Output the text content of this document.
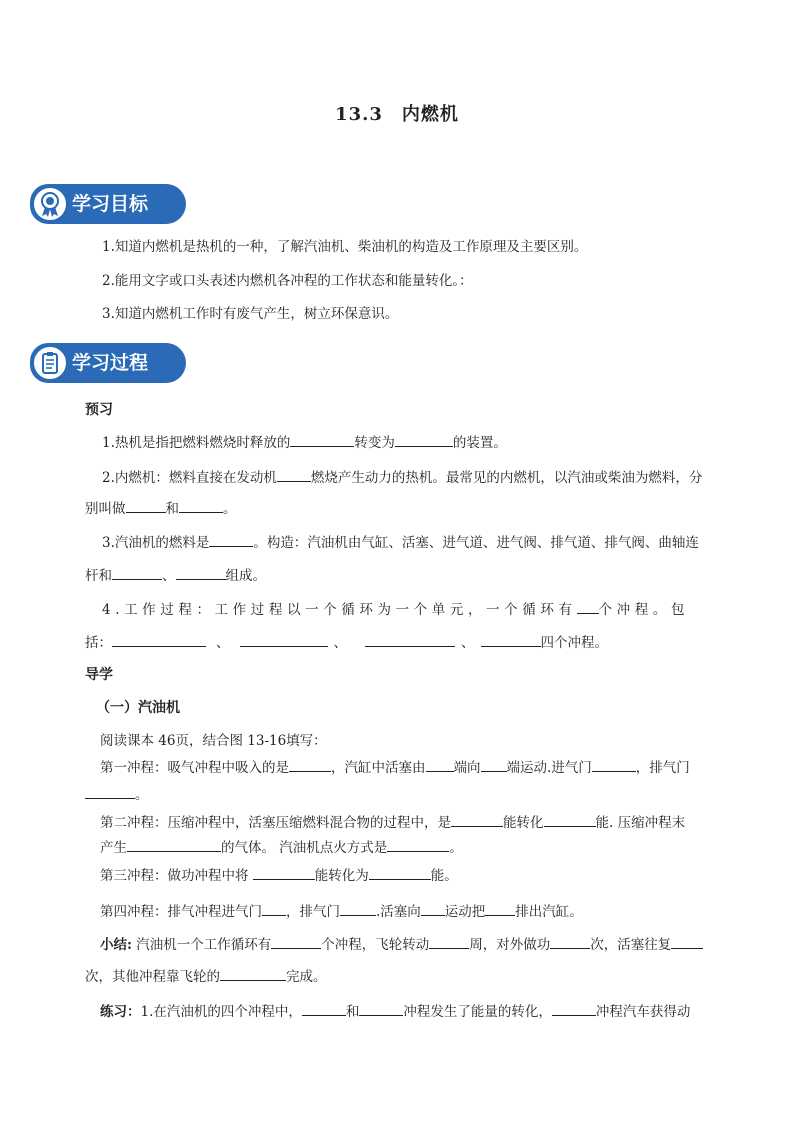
13.3　内燃机
学习目标
1.知道内燃机是热机的一种，了解汽油机、柴油机的构造及工作原理及主要区别。
2.能用文字或口头表述内燃机各冲程的工作状态和能量转化。：
3.知道内燃机工作时有废气产生，树立环保意识。
学习过程
预习
1.热机是指把燃料燃烧时释放的	转变为	的装置。
2.内燃机：燃料直接在发动机	燃烧产生动力的热机。最常见的内燃机，以汽油或柴油为燃料，分
别叫做	和	。
3.汽油机的燃料是	。构造：汽油机由气缸、活塞、进气道、进气阀、排气道、排气阀、曲轴连
杆和	、	组成。
4.工作过程：工作过程以一个循环为一个单元，一个循环有 个冲程。包
括：	、	、	、	四个冲程。
导学
（一）汽油机
阅读课本 46页，结合图 13-16填写：
第一冲程：吸气冲程中吸入的是	，汽缸中活塞由 端向 端运动.进气门	，排气门
。
第二冲程：压缩冲程中，活塞压缩燃料混合物的过程中，是	能转化	能. 压缩冲程末
产生	的气体。 汽油机点火方式是	。
第三冲程：做功冲程中将	能转化为	能。
第四冲程：排气冲程进气门 ，排气门	.活塞向 运动把 排出汽缸。
小结: 汽油机一个工作循环有	个冲程，飞轮转动	周，对外做功	次，活塞往复
次，其他冲程靠飞轮的	完成。
练习：1.在汽油机的四个冲程中，	和	冲程发生了能量的转化，	冲程汽车获得动
